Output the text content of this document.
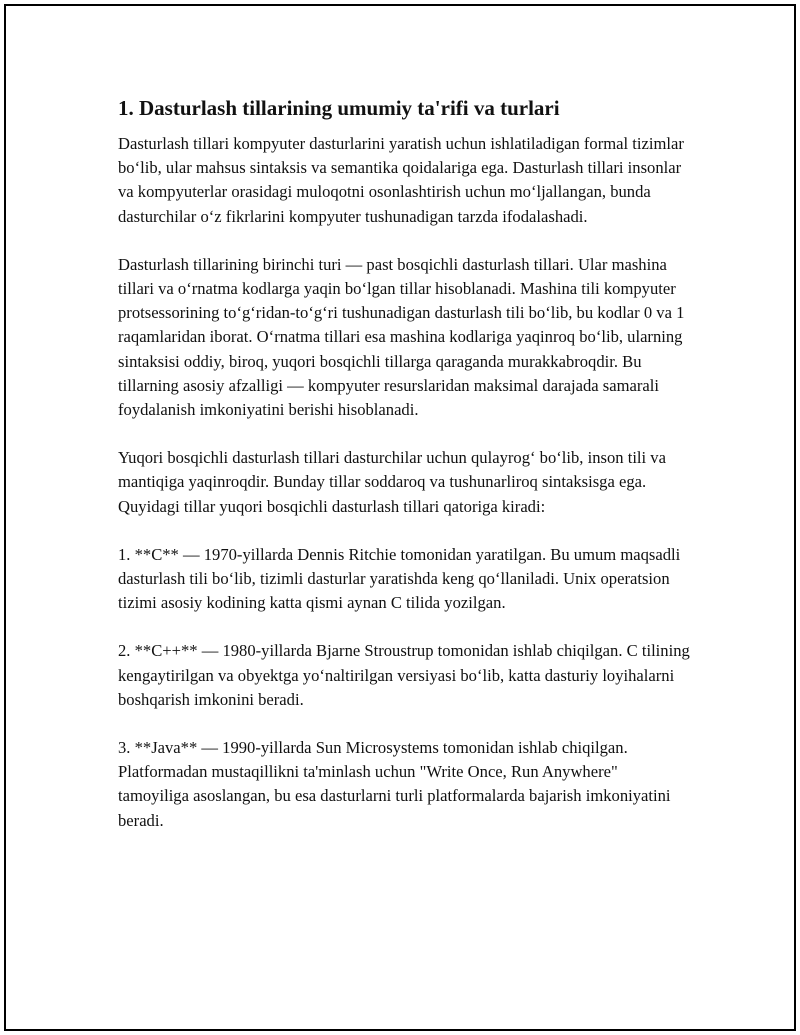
1. Dasturlash tillarining umumiy ta'rifi va turlari

Dasturlash tillari kompyuter dasturlarini yaratish uchun ishlatiladigan formal tizimlar bo‘lib, ular mahsus sintaksis va semantika qoidalariga ega. Dasturlash tillari insonlar va kompyuterlar orasidagi muloqotni osonlashtirish uchun mo‘ljallangan, bunda dasturchilar o‘z fikrlarini kompyuter tushunadigan tarzda ifodalashadi.

Dasturlash tillarining birinchi turi — past bosqichli dasturlash tillari. Ular mashina tillari va o‘rnatma kodlarga yaqin bo‘lgan tillar hisoblanadi. Mashina tili kompyuter protsessorining to‘g‘ridan-to‘g‘ri tushunadigan dasturlash tili bo‘lib, bu kodlar 0 va 1 raqamlaridan iborat. O‘rnatma tillari esa mashina kodlariga yaqinroq bo‘lib, ularning sintaksisi oddiy, biroq, yuqori bosqichli tillarga qaraganda murakkabroqdir. Bu tillarning asosiy afzalligi — kompyuter resurslaridan maksimal darajada samarali foydalanish imkoniyatini berishi hisoblanadi.

Yuqori bosqichli dasturlash tillari dasturchilar uchun qulayrog‘ bo‘lib, inson tili va mantiqiga yaqinroqdir. Bunday tillar soddaroq va tushunarliroq sintaksisga ega. Quyidagi tillar yuqori bosqichli dasturlash tillari qatoriga kiradi:

1. **C** — 1970-yillarda Dennis Ritchie tomonidan yaratilgan. Bu umum maqsadli dasturlash tili bo‘lib, tizimli dasturlar yaratishda keng qo‘llaniladi. Unix operatsion tizimi asosiy kodining katta qismi aynan C tilida yozilgan.

2. **C++** — 1980-yillarda Bjarne Stroustrup tomonidan ishlab chiqilgan. C tilining kengaytirilgan va obyektga yo‘naltirilgan versiyasi bo‘lib, katta dasturiy loyihalarni boshqarish imkonini beradi.

3. **Java** — 1990-yillarda Sun Microsystems tomonidan ishlab chiqilgan. Platformadan mustaqillikni ta'minlash uchun "Write Once, Run Anywhere" tamoyiliga asoslangan, bu esa dasturlarni turli platformalarda bajarish imkoniyatini beradi.
